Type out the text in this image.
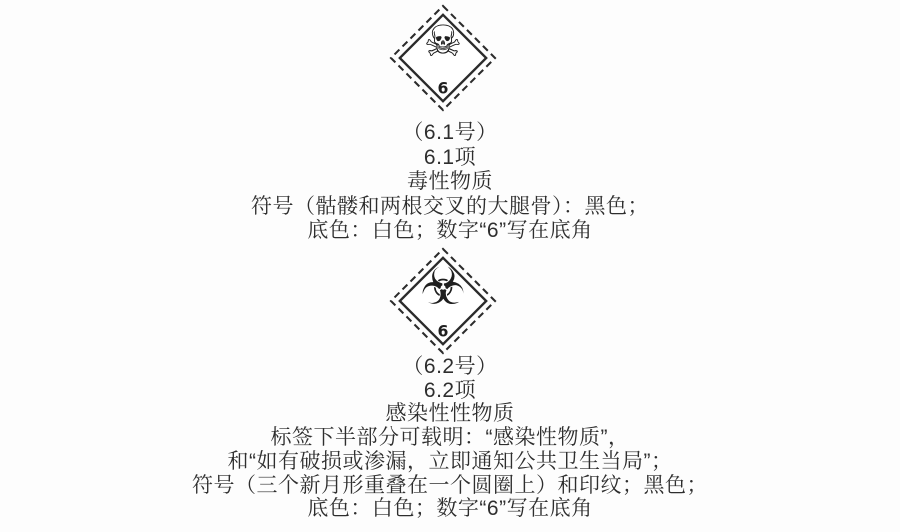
☠
6
（6.1号）
6.1项
毒性物质
符号（骷髅和两根交叉的大腿骨）：黑色；
底色：白色；数字“6”写在底角
☣
6
（6.2号）
6.2项
感染性性物质
标签下半部分可载明：“感染性物质”，
和“如有破损或渗漏，立即通知公共卫生当局”；
符号（三个新月形重叠在一个圆圈上）和印纹；黑色；
底色：白色；数字“6”写在底角
